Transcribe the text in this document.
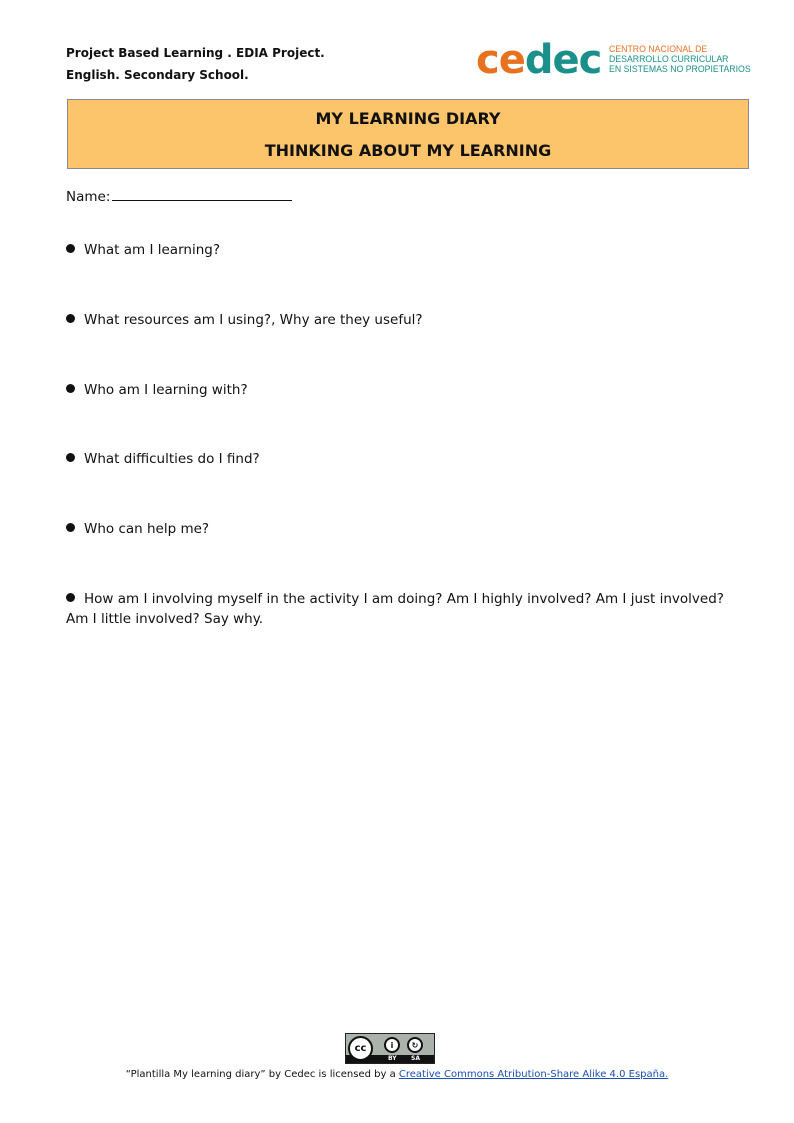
Project Based Learning . EDIA Project.
English. Secondary School.	cedec CENTRO NACIONAL DE
DESARROLLO CURRICULAR
EN SISTEMAS NO PROPIETARIOS
MY LEARNING DIARY
THINKING ABOUT MY LEARNING
Name:
What am I learning?
What resources am I using?, Why are they useful?
Who am I learning with?
What difficulties do I find?
Who can help me?
How am I involving myself in the activity I am doing? Am I highly involved? Am I just involved? Am I little involved? Say why.
cc	i	↻
BY SA
“Plantilla My learning diary” by Cedec is licensed by a Creative Commons Atribution-Share Alike 4.0 España.
